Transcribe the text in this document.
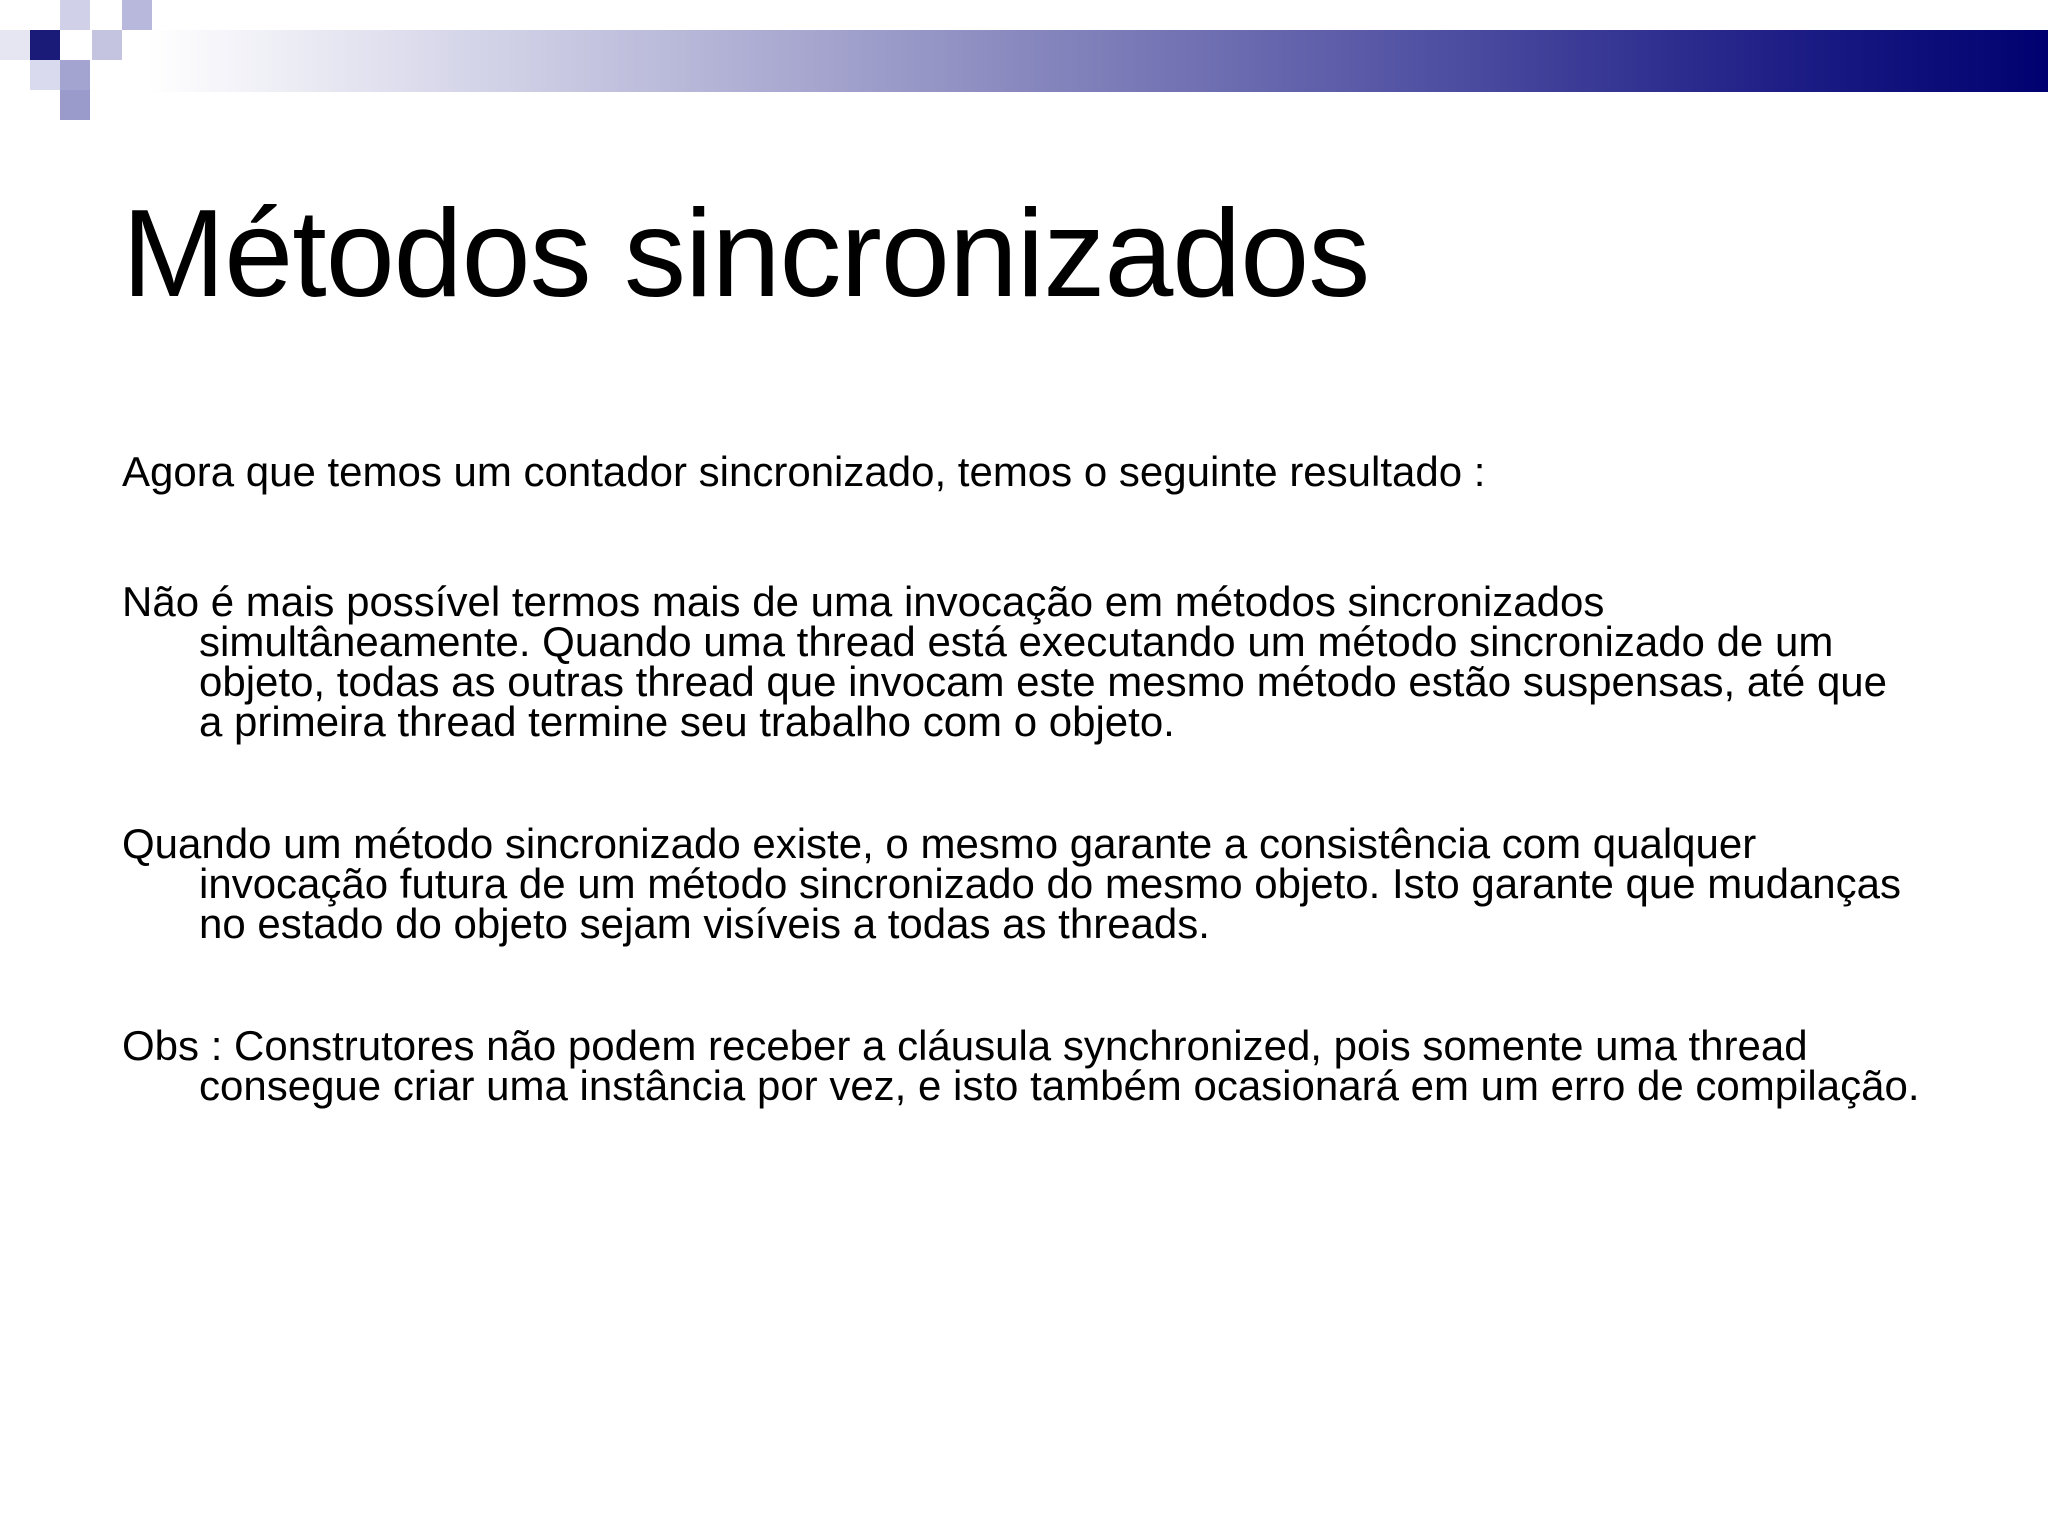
Métodos sincronizados

Agora que temos um contador sincronizado, temos o seguinte resultado :

Não é mais possível termos mais de uma invocação em métodos sincronizados simultâneamente. Quando uma thread está executando um método sincronizado de um objeto, todas as outras thread que invocam este mesmo método estão suspensas, até que a primeira thread termine seu trabalho com o objeto.

Quando um método sincronizado existe, o mesmo garante a consistência com qualquer invocação futura de um método sincronizado do mesmo objeto. Isto garante que mudanças no estado do objeto sejam visíveis a todas as threads.

Obs : Construtores não podem receber a cláusula synchronized, pois somente uma thread consegue criar uma instância por vez, e isto também ocasionará em um erro de compilação.
